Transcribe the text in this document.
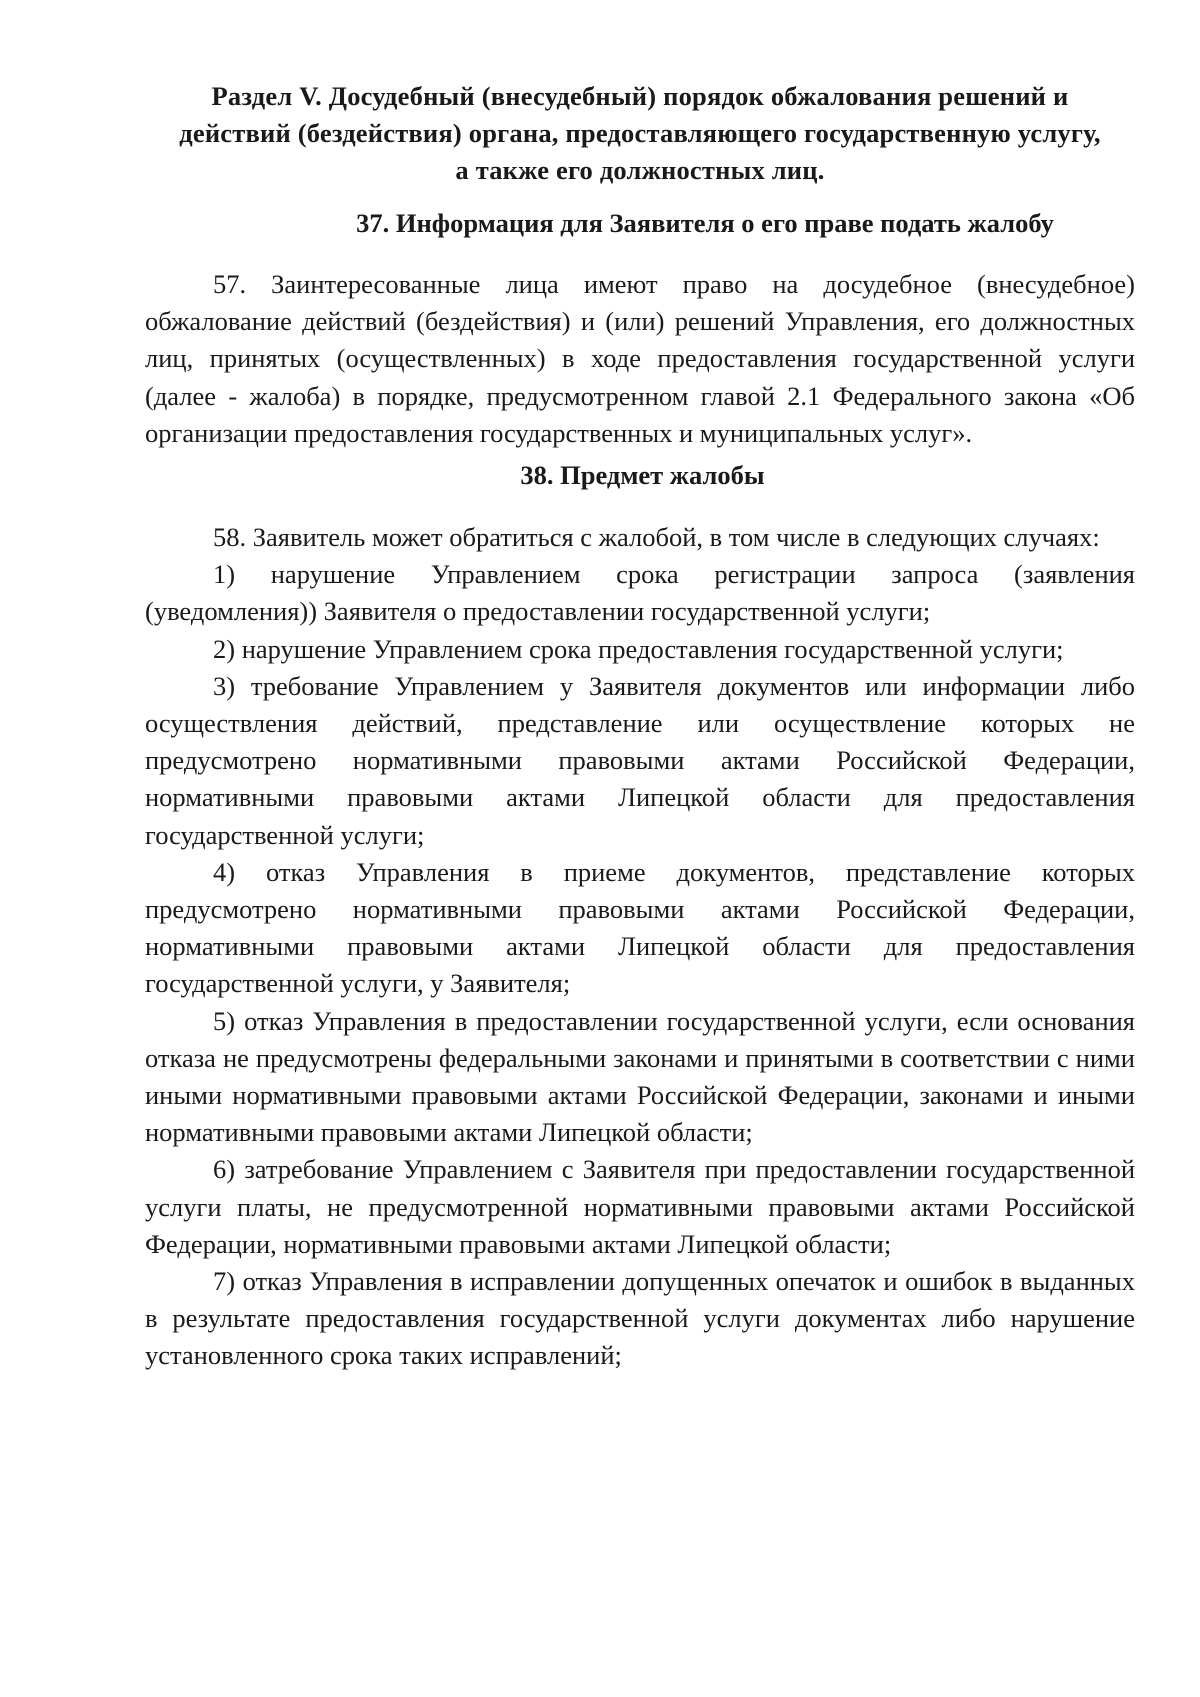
Раздел V. Досудебный (внесудебный) порядок обжалования решений и
действий (бездействия) органа, предоставляющего государственную услугу,
а также его должностных лиц.
37. Информация для Заявителя о его праве подать жалобу

57. Заинтересованные лица имеют право на досудебное (внесудебное) обжалование действий (бездействия) и (или) решений Управления, его должностных лиц, принятых (осуществленных) в ходе предоставления государственной услуги (далее - жалоба) в порядке, предусмотренном главой 2.1 Федерального закона «Об организации предоставления государственных и муниципальных услуг».

38. Предмет жалобы

58. Заявитель может обратиться с жалобой, в том числе в следующих случаях:

1) нарушение Управлением срока регистрации запроса (заявления (уведомления)) Заявителя о предоставлении государственной услуги;

2) нарушение Управлением срока предоставления государственной услуги;

3) требование Управлением у Заявителя документов или информации либо осуществления действий, представление или осуществление которых не предусмотрено нормативными правовыми актами Российской Федерации, нормативными правовыми актами Липецкой области для предоставления государственной услуги;

4) отказ Управления в приеме документов, представление которых предусмотрено нормативными правовыми актами Российской Федерации, нормативными правовыми актами Липецкой области для предоставления государственной услуги, у Заявителя;

5) отказ Управления в предоставлении государственной услуги, если основания отказа не предусмотрены федеральными законами и принятыми в соответствии с ними иными нормативными правовыми актами Российской Федерации, законами и иными нормативными правовыми актами Липецкой области;

6) затребование Управлением с Заявителя при предоставлении государственной услуги платы, не предусмотренной нормативными правовыми актами Российской Федерации, нормативными правовыми актами Липецкой области;

7) отказ Управления в исправлении допущенных опечаток и ошибок в выданных в результате предоставления государственной услуги документах либо нарушение установленного срока таких исправлений;
